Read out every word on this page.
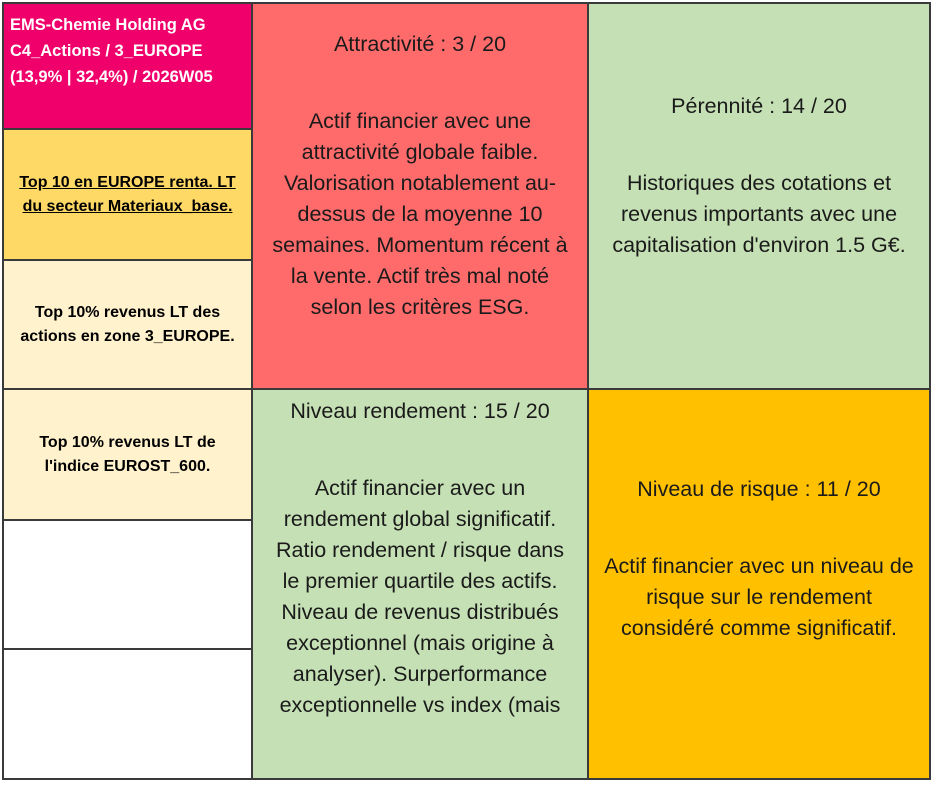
EMS-Chemie Holding AG
C4_Actions / 3_EUROPE
(13,9% | 32,4%) / 2026W05
Top 10 en EUROPE renta. LT
du secteur Materiaux_base.
Top 10% revenus LT des
actions en zone 3_EUROPE.
Top 10% revenus LT de
l'indice EUROST_600.
Attractivité : 3 / 20
Actif financier avec une
attractivité globale faible.
Valorisation notablement au-
dessus de la moyenne 10
semaines. Momentum récent à
la vente. Actif très mal noté
selon les critères ESG.
Pérennité : 14 / 20
Historiques des cotations et
revenus importants avec une
capitalisation d'environ 1.5 G€.
Niveau rendement : 15 / 20
Actif financier avec un
rendement global significatif.
Ratio rendement / risque dans
le premier quartile des actifs.
Niveau de revenus distribués
exceptionnel (mais origine à
analyser). Surperformance
exceptionnelle vs index (mais
Niveau de risque : 11 / 20
Actif financier avec un niveau de
risque sur le rendement
considéré comme significatif.
